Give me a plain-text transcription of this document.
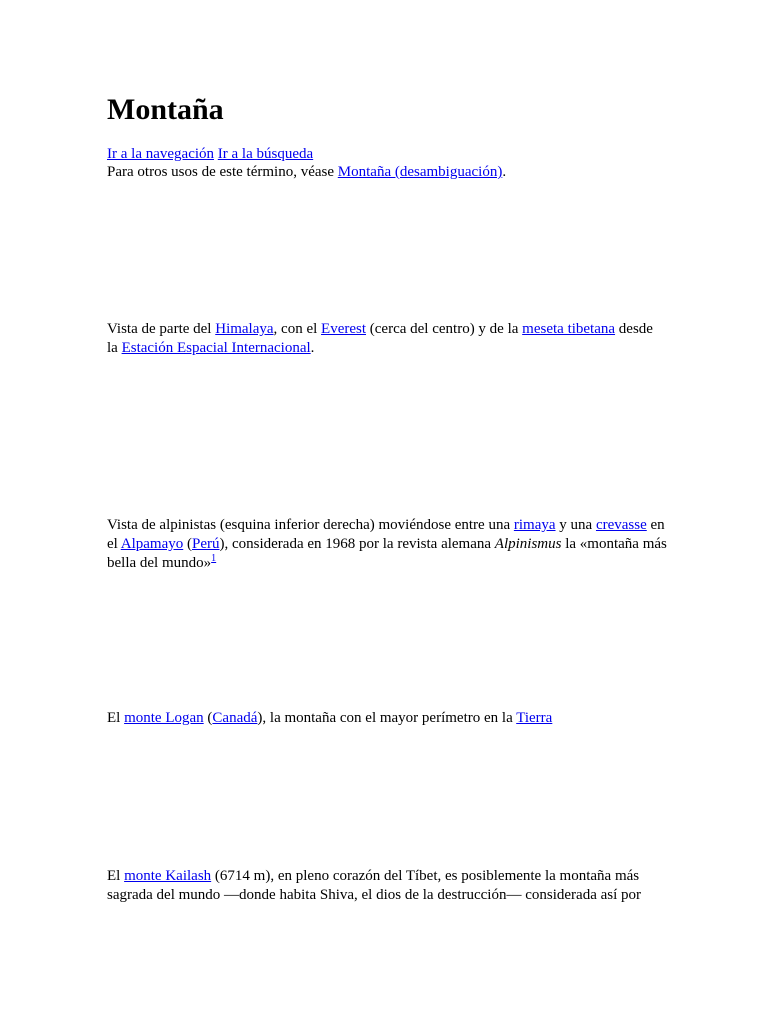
Montaña

Ir a la navegación Ir a la búsqueda

Para otros usos de este término, véase Montaña (desambiguación).

Vista de parte del Himalaya, con el Everest (cerca del centro) y de la meseta tibetana desde la Estación Espacial Internacional.

Vista de alpinistas (esquina inferior derecha) moviéndose entre una rimaya y una crevasse en el Alpamayo (Perú), considerada en 1968 por la revista alemana Alpinismus la «montaña más bella del mundo»$^1$

El monte Logan (Canadá), la montaña con el mayor perímetro en la Tierra

El monte Kailash (6714 m), en pleno corazón del Tíbet, es posiblemente la montaña más sagrada del mundo —donde habita Shiva, el dios de la destrucción— considerada así por
